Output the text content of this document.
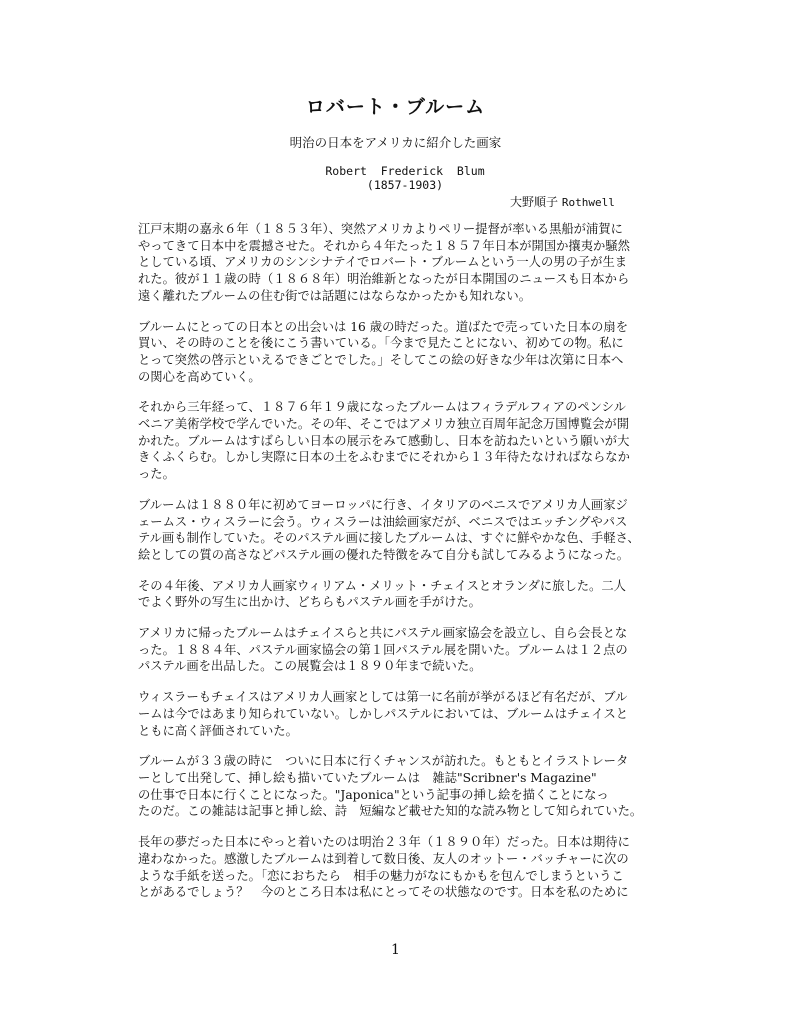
ロバート・ブルーム
明治の日本をアメリカに紹介した画家
Robert  Frederick  Blum
(1857-1903)
大野順子 Rothwell

江戸末期の嘉永６年（１８５３年）、突然アメリカよりペリー提督が率いる黒船が浦賀に
やってきて日本中を震撼させた。それから４年たった１８５７年日本が開国か攘夷か騒然
としている頃、アメリカのシンシナテイでロバート・ブルームという一人の男の子が生ま
れた。彼が１１歳の時（１８６８年）明治維新となったが日本開国のニュースも日本から
遠く離れたブルームの住む街では話題にはならなかったかも知れない。

ブルームにとっての日本との出会いは 16 歳の時だった。道ばたで売っていた日本の扇を
買い、その時のことを後にこう書いている。「今まで見たことにない、初めての物。私に
とって突然の啓示といえるできごとでした。」そしてこの絵の好きな少年は次第に日本へ
の関心を高めていく。

それから三年経って、１８７６年１９歳になったブルームはフィラデルフィアのペンシル
ベニア美術学校で学んでいた。その年、そこではアメリカ独立百周年記念万国博覧会が開
かれた。ブルームはすばらしい日本の展示をみて感動し、日本を訪ねたいという願いが大
きくふくらむ。しかし実際に日本の土をふむまでにそれから１３年待たなければならなか
った。

ブルームは１８８０年に初めてヨーロッパに行き、イタリアのベニスでアメリカ人画家ジ
ェームス・ウィスラーに会う。ウィスラーは油絵画家だが、ベニスではエッチングやパス
テル画も制作していた。そのパステル画に接したブルームは、すぐに鮮やかな色、手軽さ、
絵としての質の高さなどパステル画の優れた特徴をみて自分も試してみるようになった。

その４年後、アメリカ人画家ウィリアム・メリット・チェイスとオランダに旅した。二人
でよく野外の写生に出かけ、どちらもパステル画を手がけた。

アメリカに帰ったブルームはチェイスらと共にパステル画家協会を設立し、自ら会長とな
った。１８８４年、パステル画家協会の第１回パステル展を開いた。ブルームは１２点の
パステル画を出品した。この展覧会は１８９０年まで続いた。

ウィスラーもチェイスはアメリカ人画家としては第一に名前が挙がるほど有名だが、ブル
ームは今ではあまり知られていない。しかしパステルにおいては、ブルームはチェイスと
ともに高く評価されていた。

ブルームが３３歳の時に　ついに日本に行くチャンスが訪れた。もともとイラストレータ
ーとして出発して、挿し絵も描いていたブルームは　雑誌"Scribner's Magazine"
の仕事で日本に行くことになった。"Japonica"という記事の挿し絵を描くことになっ
たのだ。この雑誌は記事と挿し絵、詩　短編など載せた知的な読み物として知られていた。

長年の夢だった日本にやっと着いたのは明治２３年（１８９０年）だった。日本は期待に
違わなかった。感激したブルームは到着して数日後、友人のオットー・バッチャーに次の
ような手紙を送った。「恋におちたら　相手の魅力がなにもかもを包んでしまうというこ
とがあるでしょう？　今のところ日本は私にとってその状態なのです。日本を私のために

1
